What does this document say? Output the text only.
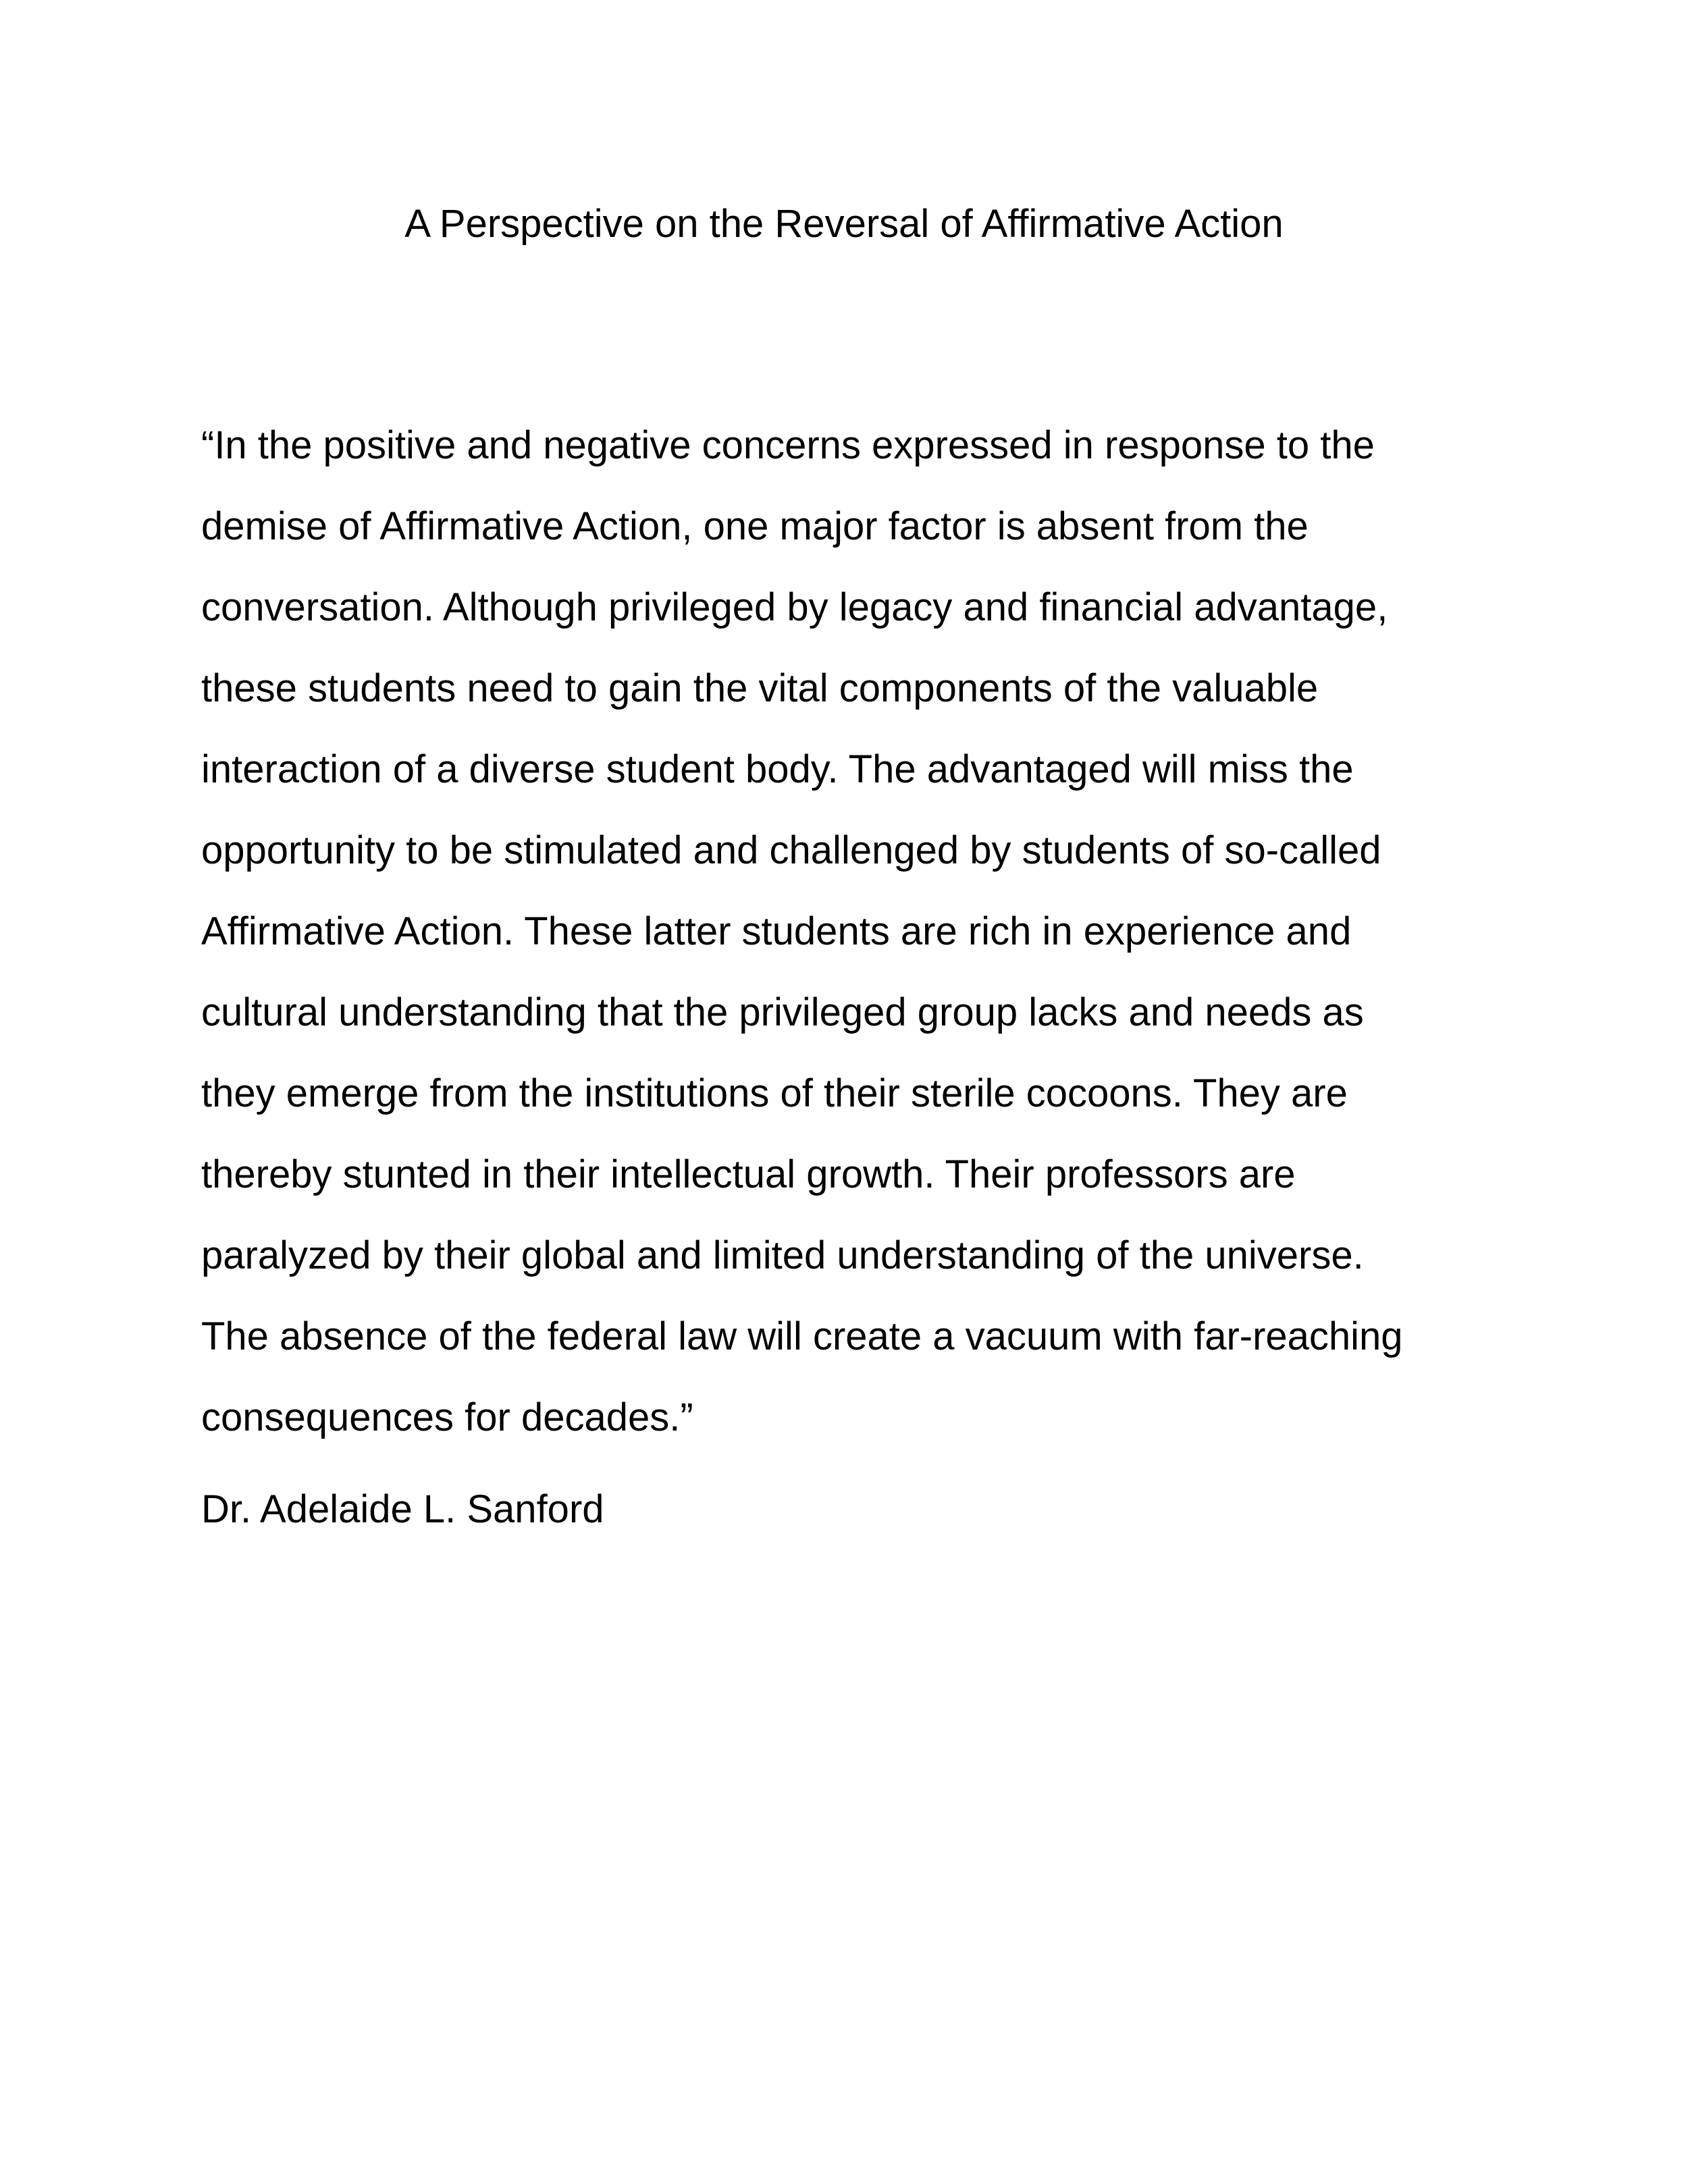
A Perspective on the Reversal of Affirmative Action
“In the positive and negative concerns expressed in response to the
demise of Affirmative Action, one major factor is absent from the
conversation. Although privileged by legacy and financial advantage,
these students need to gain the vital components of the valuable
interaction of a diverse student body. The advantaged will miss the
opportunity to be stimulated and challenged by students of so-called
Affirmative Action. These latter students are rich in experience and
cultural understanding that the privileged group lacks and needs as
they emerge from the institutions of their sterile cocoons. They are
thereby stunted in their intellectual growth. Their professors are
paralyzed by their global and limited understanding of the universe.
The absence of the federal law will create a vacuum with far-reaching
consequences for decades.”
Dr. Adelaide L. Sanford
